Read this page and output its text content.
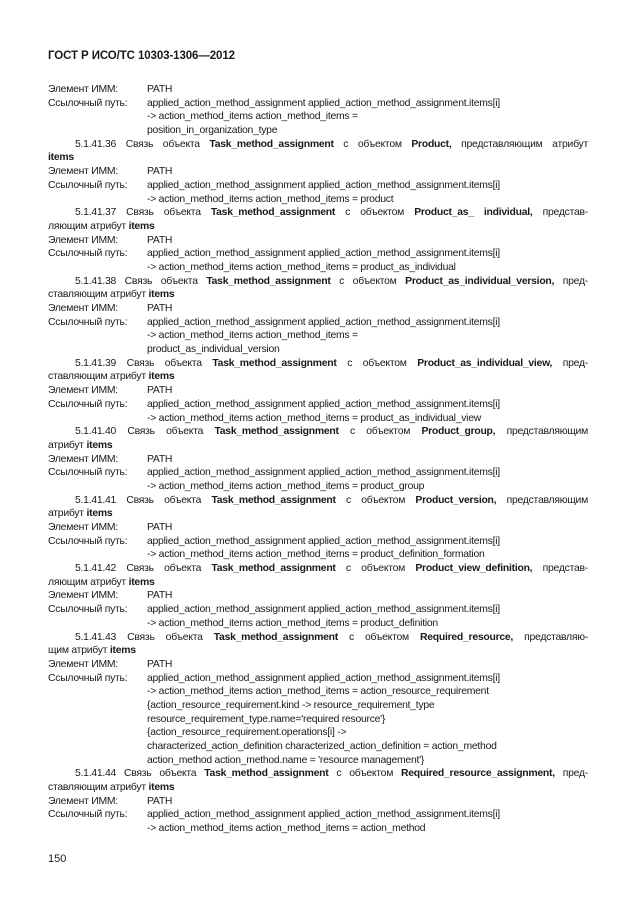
ГОСТ Р ИСО/ТС 10303-1306—2012
Элемент ИММ:	PATH
Ссылочный путь:	applied_action_method_assignment applied_action_method_assignment.items[i]
-> action_method_items action_method_items =
position_in_organization_type
5.1.41.36 Связь объекта Task_method_assignment с объектом Product, представляющим атрибут
items
Элемент ИММ:	PATH
Ссылочный путь:	applied_action_method_assignment applied_action_method_assignment.items[i]
-> action_method_items action_method_items = product
5.1.41.37 Связь объекта Task_method_assignment с объектом Product_as_ individual, представ-
ляющим атрибут items
Элемент ИММ:	PATH
Ссылочный путь:	applied_action_method_assignment applied_action_method_assignment.items[i]
-> action_method_items action_method_items = product_as_individual
5.1.41.38 Связь объекта Task_method_assignment с объектом Product_as_individual_version, пред-
ставляющим атрибут items
Элемент ИММ:	PATH
Ссылочный путь:	applied_action_method_assignment applied_action_method_assignment.items[i]
-> action_method_items action_method_items =
product_as_individual_version
5.1.41.39 Связь объекта Task_method_assignment с объектом Product_as_individual_view, пред-
ставляющим атрибут items
Элемент ИММ:	PATH
Ссылочный путь:	applied_action_method_assignment applied_action_method_assignment.items[i]
-> action_method_items action_method_items = product_as_individual_view
5.1.41.40 Связь объекта Task_method_assignment с объектом Product_group, представляющим
атрибут items
Элемент ИММ:	PATH
Ссылочный путь:	applied_action_method_assignment applied_action_method_assignment.items[i]
-> action_method_items action_method_items = product_group
5.1.41.41 Связь объекта Task_method_assignment с объектом Product_version, представляющим
атрибут items
Элемент ИММ:	PATH
Ссылочный путь:	applied_action_method_assignment applied_action_method_assignment.items[i]
-> action_method_items action_method_items = product_definition_formation
5.1.41.42 Связь объекта Task_method_assignment с объектом Product_view_definition, представ-
ляющим атрибут items
Элемент ИММ:	PATH
Ссылочный путь:	applied_action_method_assignment applied_action_method_assignment.items[i]
-> action_method_items action_method_items = product_definition
5.1.41.43 Связь объекта Task_method_assignment с объектом Required_resource, представляю-
щим атрибут items
Элемент ИММ:	PATH
Ссылочный путь:	applied_action_method_assignment applied_action_method_assignment.items[i]
-> action_method_items action_method_items = action_resource_requirement
{action_resource_requirement.kind -> resource_requirement_type
resource_requirement_type.name='required resource'}
{action_resource_requirement.operations[i] ->
characterized_action_definition characterized_action_definition = action_method
action_method action_method.name = 'resource management'}
5.1.41.44 Связь объекта Task_method_assignment с объектом Required_resource_assignment, пред-
ставляющим атрибут items
Элемент ИММ:	PATH
Ссылочный путь:	applied_action_method_assignment applied_action_method_assignment.items[i]
-> action_method_items action_method_items = action_method
150
